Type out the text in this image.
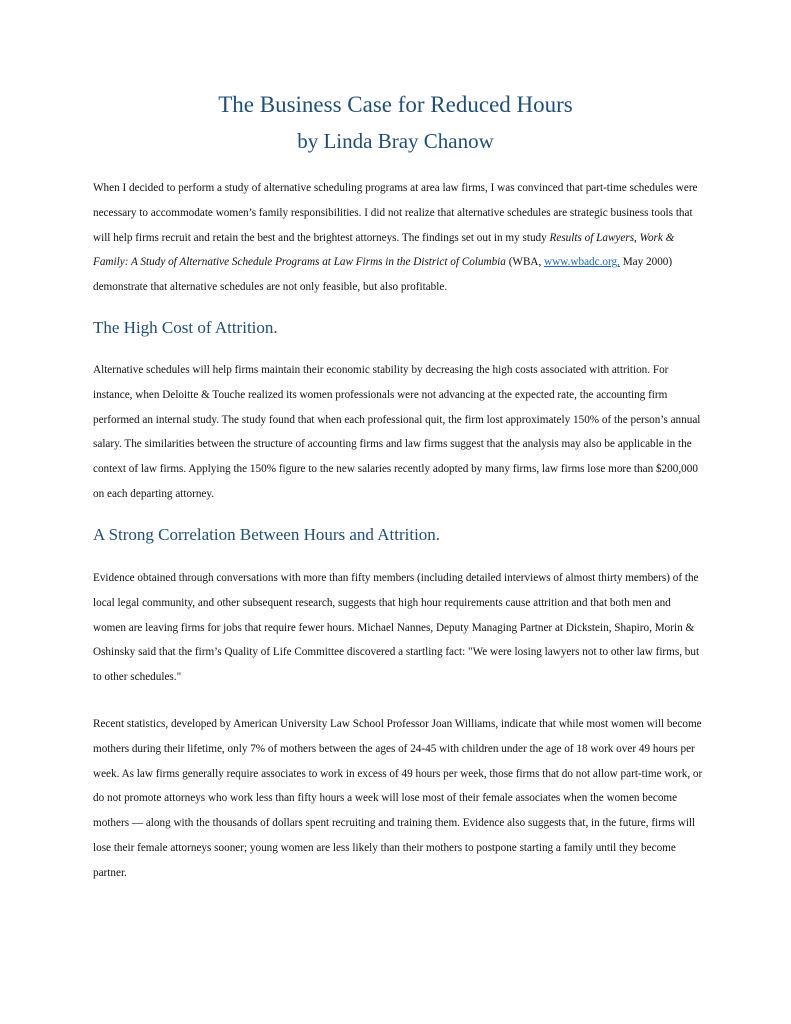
The Business Case for Reduced Hours
by Linda Bray Chanow

When I decided to perform a study of alternative scheduling programs at area law firms, I was convinced that part-time schedules were necessary to accommodate women’s family responsibilities. I did not realize that alternative schedules are strategic business tools that will help firms recruit and retain the best and the brightest attorneys. The findings set out in my study Results of Lawyers, Work & Family: A Study of Alternative Schedule Programs at Law Firms in the District of Columbia (WBA, www.wbadc.org, May 2000) demonstrate that alternative schedules are not only feasible, but also profitable.

The High Cost of Attrition.

Alternative schedules will help firms maintain their economic stability by decreasing the high costs associated with attrition. For instance, when Deloitte & Touche realized its women professionals were not advancing at the expected rate, the accounting firm performed an internal study. The study found that when each professional quit, the firm lost approximately 150% of the person’s annual salary. The similarities between the structure of accounting firms and law firms suggest that the analysis may also be applicable in the context of law firms. Applying the 150% figure to the new salaries recently adopted by many firms, law firms lose more than $200,000 on each departing attorney.

A Strong Correlation Between Hours and Attrition.

Evidence obtained through conversations with more than fifty members (including detailed interviews of almost thirty members) of the local legal community, and other subsequent research, suggests that high hour requirements cause attrition and that both men and women are leaving firms for jobs that require fewer hours. Michael Nannes, Deputy Managing Partner at Dickstein, Shapiro, Morin & Oshinsky said that the firm’s Quality of Life Committee discovered a startling fact: "We were losing lawyers not to other law firms, but to other schedules."

Recent statistics, developed by American University Law School Professor Joan Williams, indicate that while most women will become mothers during their lifetime, only 7% of mothers between the ages of 24-45 with children under the age of 18 work over 49 hours per week. As law firms generally require associates to work in excess of 49 hours per week, those firms that do not allow part-time work, or do not promote attorneys who work less than fifty hours a week will lose most of their female associates when the women become mothers — along with the thousands of dollars spent recruiting and training them. Evidence also suggests that, in the future, firms will lose their female attorneys sooner; young women are less likely than their mothers to postpone starting a family until they become partner.
